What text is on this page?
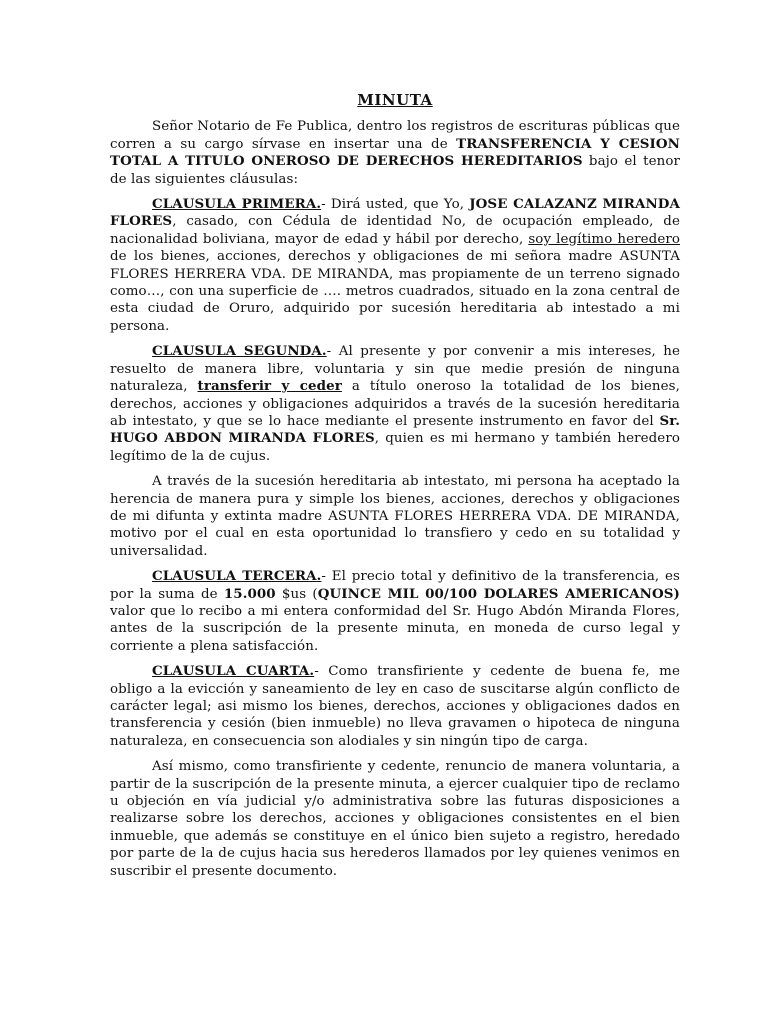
MINUTA

Señor Notario de Fe Publica, dentro los registros de escrituras públicas que corren a su cargo sírvase en insertar una de TRANSFERENCIA Y CESION TOTAL A TITULO ONEROSO DE DERECHOS HEREDITARIOS bajo el tenor de las siguientes cláusulas:

CLAUSULA PRIMERA.- Dirá usted, que Yo, JOSE CALAZANZ MIRANDA FLORES, casado, con Cédula de identidad No, de ocupación empleado, de nacionalidad boliviana, mayor de edad y hábil por derecho, soy legítimo heredero de los bienes, acciones, derechos y obligaciones de mi señora madre ASUNTA FLORES HERRERA VDA. DE MIRANDA, mas propiamente de un terreno signado como…, con una superficie de …. metros cuadrados, situado en la zona central de esta ciudad de Oruro, adquirido por sucesión hereditaria ab intestado a mi persona.

CLAUSULA SEGUNDA.- Al presente y por convenir a mis intereses, he resuelto de manera libre, voluntaria y sin que medie presión de ninguna naturaleza, transferir y ceder a título oneroso la totalidad de los bienes, derechos, acciones y obligaciones adquiridos a través de la sucesión hereditaria ab intestato, y que se lo hace mediante el presente instrumento en favor del Sr. HUGO ABDON MIRANDA FLORES, quien es mi hermano y también heredero legítimo de la de cujus.

A través de la sucesión hereditaria ab intestato, mi persona ha aceptado la herencia de manera pura y simple los bienes, acciones, derechos y obligaciones de mi difunta y extinta madre ASUNTA FLORES HERRERA VDA. DE MIRANDA, motivo por el cual en esta oportunidad lo transfiero y cedo en su totalidad y universalidad.

CLAUSULA TERCERA.- El precio total y definitivo de la transferencia, es por la suma de 15.000 $us (QUINCE MIL 00/100 DOLARES AMERICANOS) valor que lo recibo a mi entera conformidad del Sr. Hugo Abdón Miranda Flores, antes de la suscripción de la presente minuta, en moneda de curso legal y corriente a plena satisfacción.

CLAUSULA CUARTA.- Como transfiriente y cedente de buena fe, me obligo a la evicción y saneamiento de ley en caso de suscitarse algún conflicto de carácter legal; asi mismo los bienes, derechos, acciones y obligaciones dados en transferencia y cesión (bien inmueble) no lleva gravamen o hipoteca de ninguna naturaleza, en consecuencia son alodiales y sin ningún tipo de carga.

Así mismo, como transfiriente y cedente, renuncio de manera voluntaria, a partir de la suscripción de la presente minuta, a ejercer cualquier tipo de reclamo u objeción en vía judicial y/o administrativa sobre las futuras disposiciones a realizarse sobre los derechos, acciones y obligaciones consistentes en el bien inmueble, que además se constituye en el único bien sujeto a registro, heredado por parte de la de cujus hacia sus herederos llamados por ley quienes venimos en suscribir el presente documento.
